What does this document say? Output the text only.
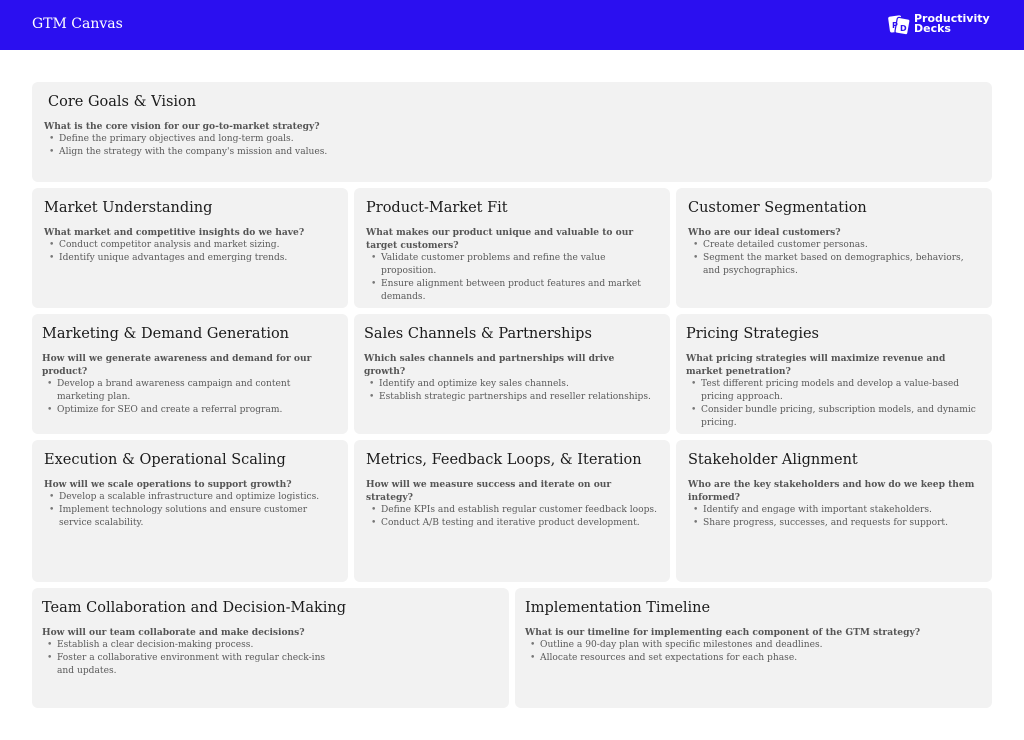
GTM Canvas	P D
Productivity
Decks
Core Goals & Vision
What is the core vision for our go-to-market strategy?
• Define the primary objectives and long-term goals.
• Align the strategy with the company's mission and values.
Market Understanding
What market and competitive insights do we have?
• Conduct competitor analysis and market sizing.
• Identify unique advantages and emerging trends.
Product-Market Fit
What makes our product unique and valuable to our target customers?
• Validate customer problems and refine the value proposition.
• Ensure alignment between product features and market demands.
Customer Segmentation
Who are our ideal customers?
• Create detailed customer personas.
• Segment the market based on demographics, behaviors, and psychographics.
Marketing & Demand Generation
How will we generate awareness and demand for our product?
• Develop a brand awareness campaign and content marketing plan.
• Optimize for SEO and create a referral program.
Sales Channels & Partnerships
Which sales channels and partnerships will drive growth?
• Identify and optimize key sales channels.
• Establish strategic partnerships and reseller relationships.
Pricing Strategies
What pricing strategies will maximize revenue and market penetration?
• Test different pricing models and develop a value-based pricing approach.
• Consider bundle pricing, subscription models, and dynamic pricing.
Execution & Operational Scaling
How will we scale operations to support growth?
• Develop a scalable infrastructure and optimize logistics.
• Implement technology solutions and ensure customer service scalability.
Metrics, Feedback Loops, & Iteration
How will we measure success and iterate on our strategy?
• Define KPIs and establish regular customer feedback loops.
• Conduct A/B testing and iterative product development.
Stakeholder Alignment
Who are the key stakeholders and how do we keep them informed?
• Identify and engage with important stakeholders.
• Share progress, successes, and requests for support.
Team Collaboration and Decision-Making
How will our team collaborate and make decisions?
• Establish a clear decision-making process.
• Foster a collaborative environment with regular check-ins and updates.
Implementation Timeline
What is our timeline for implementing each component of the GTM strategy?
• Outline a 90-day plan with specific milestones and deadlines.
• Allocate resources and set expectations for each phase.
